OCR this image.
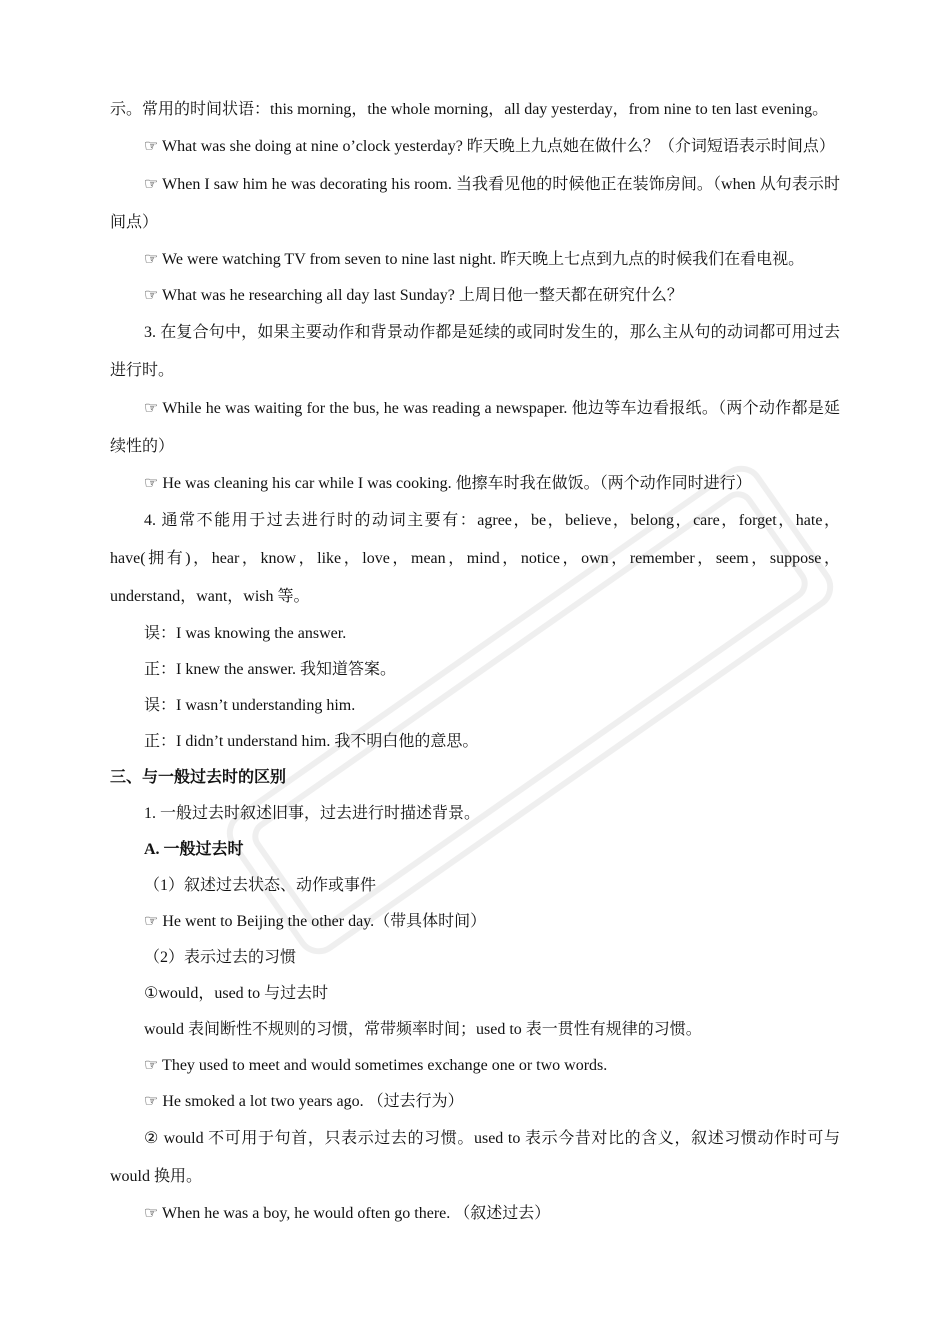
示。常用的时间状语：this morning，the whole morning，all day yesterday，from nine to ten last evening。

☞ What was she doing at nine o’clock yesterday? 昨天晚上九点她在做什么？（介词短语表示时间点）

☞ When I saw him he was decorating his room. 当我看见他的时候他正在装饰房间。（when 从句表示时间点）

☞ We were watching TV from seven to nine last night. 昨天晚上七点到九点的时候我们在看电视。

☞ What was he researching all day last Sunday? 上周日他一整天都在研究什么？

3. 在复合句中，如果主要动作和背景动作都是延续的或同时发生的，那么主从句的动词都可用过去进行时。

☞ While he was waiting for the bus, he was reading a newspaper. 他边等车边看报纸。（两个动作都是延续性的）

☞ He was cleaning his car while I was cooking. 他擦车时我在做饭。（两个动作同时进行）

4. 通常不能用于过去进行时的动词主要有：agree，be，believe，belong，care，forget，hate，have(拥有)，hear，know，like，love，mean，mind，notice，own，remember，seem，suppose，understand，want，wish 等。

误：I was knowing the answer.

正：I knew the answer. 我知道答案。

误：I wasn’t understanding him.

正：I didn’t understand him. 我不明白他的意思。

三、与一般过去时的区别

1. 一般过去时叙述旧事，过去进行时描述背景。

A. 一般过去时

（1）叙述过去状态、动作或事件

☞ He went to Beijing the other day.（带具体时间）

（2）表示过去的习惯

①would，used to 与过去时

would 表间断性不规则的习惯，常带频率时间；used to 表一贯性有规律的习惯。

☞ They used to meet and would sometimes exchange one or two words.

☞ He smoked a lot two years ago. （过去行为）

② would 不可用于句首，只表示过去的习惯。used to 表示今昔对比的含义，叙述习惯动作时可与 would 换用。

☞ When he was a boy, he would often go there. （叙述过去）
